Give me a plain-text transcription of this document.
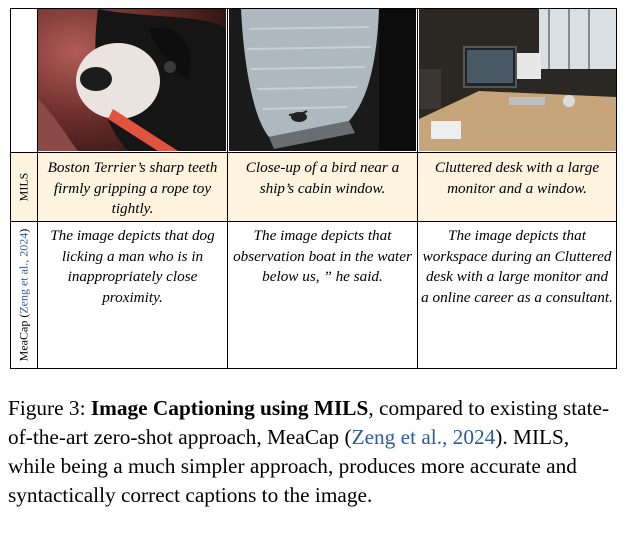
MILS
MeaCap (Zeng et al., 2024)
Boston Terrier’s sharp teeth firmly gripping a rope toy tightly.
Close-up of a bird near a ship’s cabin window.
Cluttered desk with a large monitor and a window.
The image depicts that dog licking a man who is in inappropriately close proximity.
The image depicts that observation boat in the water below us, ” he said.
The image depicts that workspace during an Cluttered desk with a large monitor and a online career as a consultant.
Figure 3: Image Captioning using MILS, compared to existing state-of-the-art zero-shot approach, MeaCap (Zeng et al., 2024). MILS, while being a much simpler approach, produces more accurate and syntactically correct captions to the image.
